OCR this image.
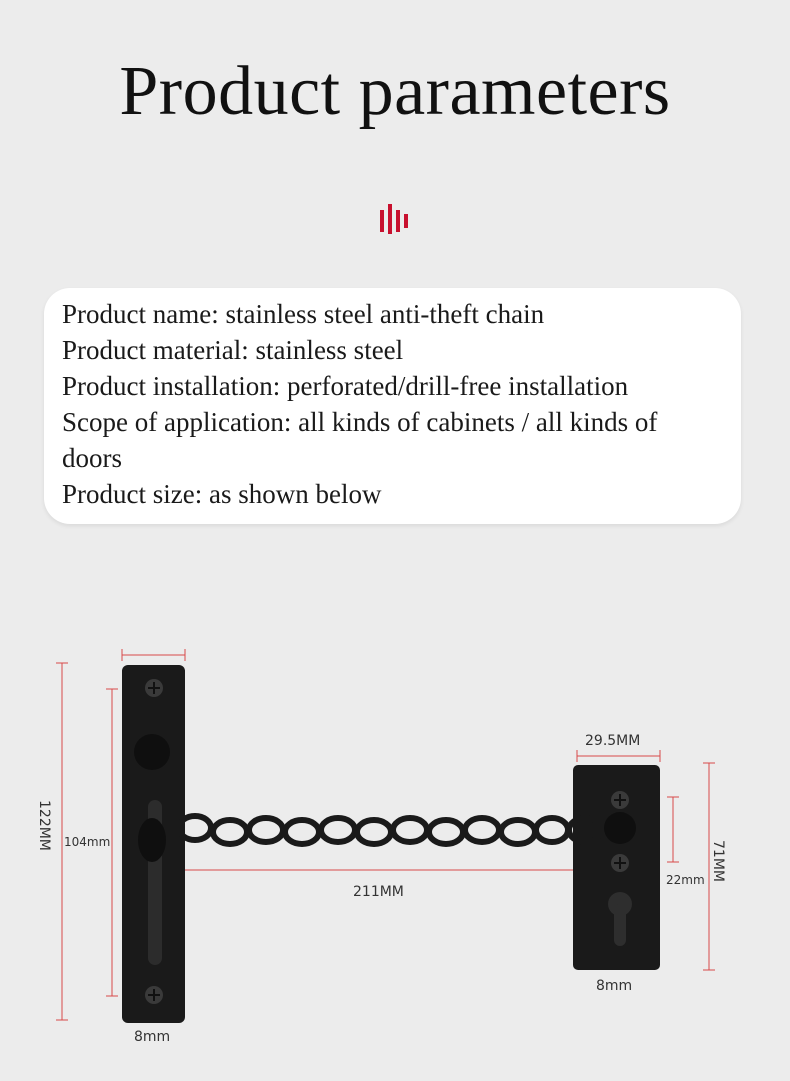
Product parameters
Product name: stainless steel anti-theft chain
Product material: stainless steel
Product installation: perforated/drill-free installation
Scope of application: all kinds of cabinets / all kinds of
doors
Product size: as shown below
122MM 104mm
8mm
211MM
29.5MM
71MM
22mm
8mm
